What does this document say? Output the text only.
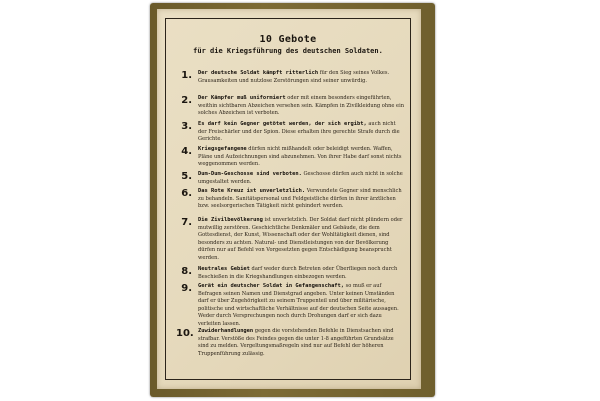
10 Gebote
für die Kriegsführung des deutschen Soldaten.
1. Der deutsche Soldat kämpft ritterlich für den Sieg seines Volkes. Grausamkeiten und nutzlose Zerstörungen sind seiner unwürdig.
2. Der Kämpfer muß uniformiert oder mit einem besonders eingeführten, weithin sichtbaren Abzeichen versehen sein. Kämpfen in Zivilkleidung ohne ein solches Abzeichen ist verboten.
3. Es darf kein Gegner getötet werden, der sich ergibt, auch nicht der Freischärler und der Spion. Diese erhalten ihre gerechte Strafe durch die Gerichte.
4. Kriegsgefangene dürfen nicht mißhandelt oder beleidigt werden. Waffen, Pläne und Aufzeichnungen sind abzunehmen. Von ihrer Habe darf sonst nichts weggenommen werden.
5. Dum-Dum-Geschosse sind verboten. Geschosse dürfen auch nicht in solche umgestaltet werden.
6. Das Rote Kreuz ist unverletzlich. Verwundete Gegner sind menschlich zu behandeln. Sanitätspersonal und Feldgeistliche dürfen in ihrer ärztlichen bzw. seelsorgerischen Tätigkeit nicht gehindert werden.
7. Die Zivilbevölkerung ist unverletzlich. Der Soldat darf nicht plündern oder mutwillig zerstören. Geschichtliche Denkmäler und Gebäude, die dem Gottesdienst, der Kunst, Wissenschaft oder der Wohltätigkeit dienen, sind besonders zu achten. Natural- und Dienstleistungen von der Bevölkerung dürfen nur auf Befehl von Vorgesetzten gegen Entschädigung beansprucht werden.
8. Neutrales Gebiet darf weder durch Betreten oder Überfliegen noch durch Beschießen in die Kriegshandlungen einbezogen werden.
9. Gerät ein deutscher Soldat in Gefangenschaft, so muß er auf Befragen seinen Namen und Dienstgrad angeben. Unter keinen Umständen darf er über Zugehörigkeit zu seinem Truppenteil und über militärische, politische und wirtschaftliche Verhältnisse auf der deutschen Seite aussagen. Weder durch Versprechungen noch durch Drohungen darf er sich dazu verleiten lassen.
10. Zuwiderhandlungen gegen die vorstehenden Befehle in Dienstsachen sind strafbar. Verstöße des Feindes gegen die unter 1-8 angeführten Grundsätze sind zu melden. Vergeltungsmaßregeln sind nur auf Befehl der höheren Truppenführung zulässig.
